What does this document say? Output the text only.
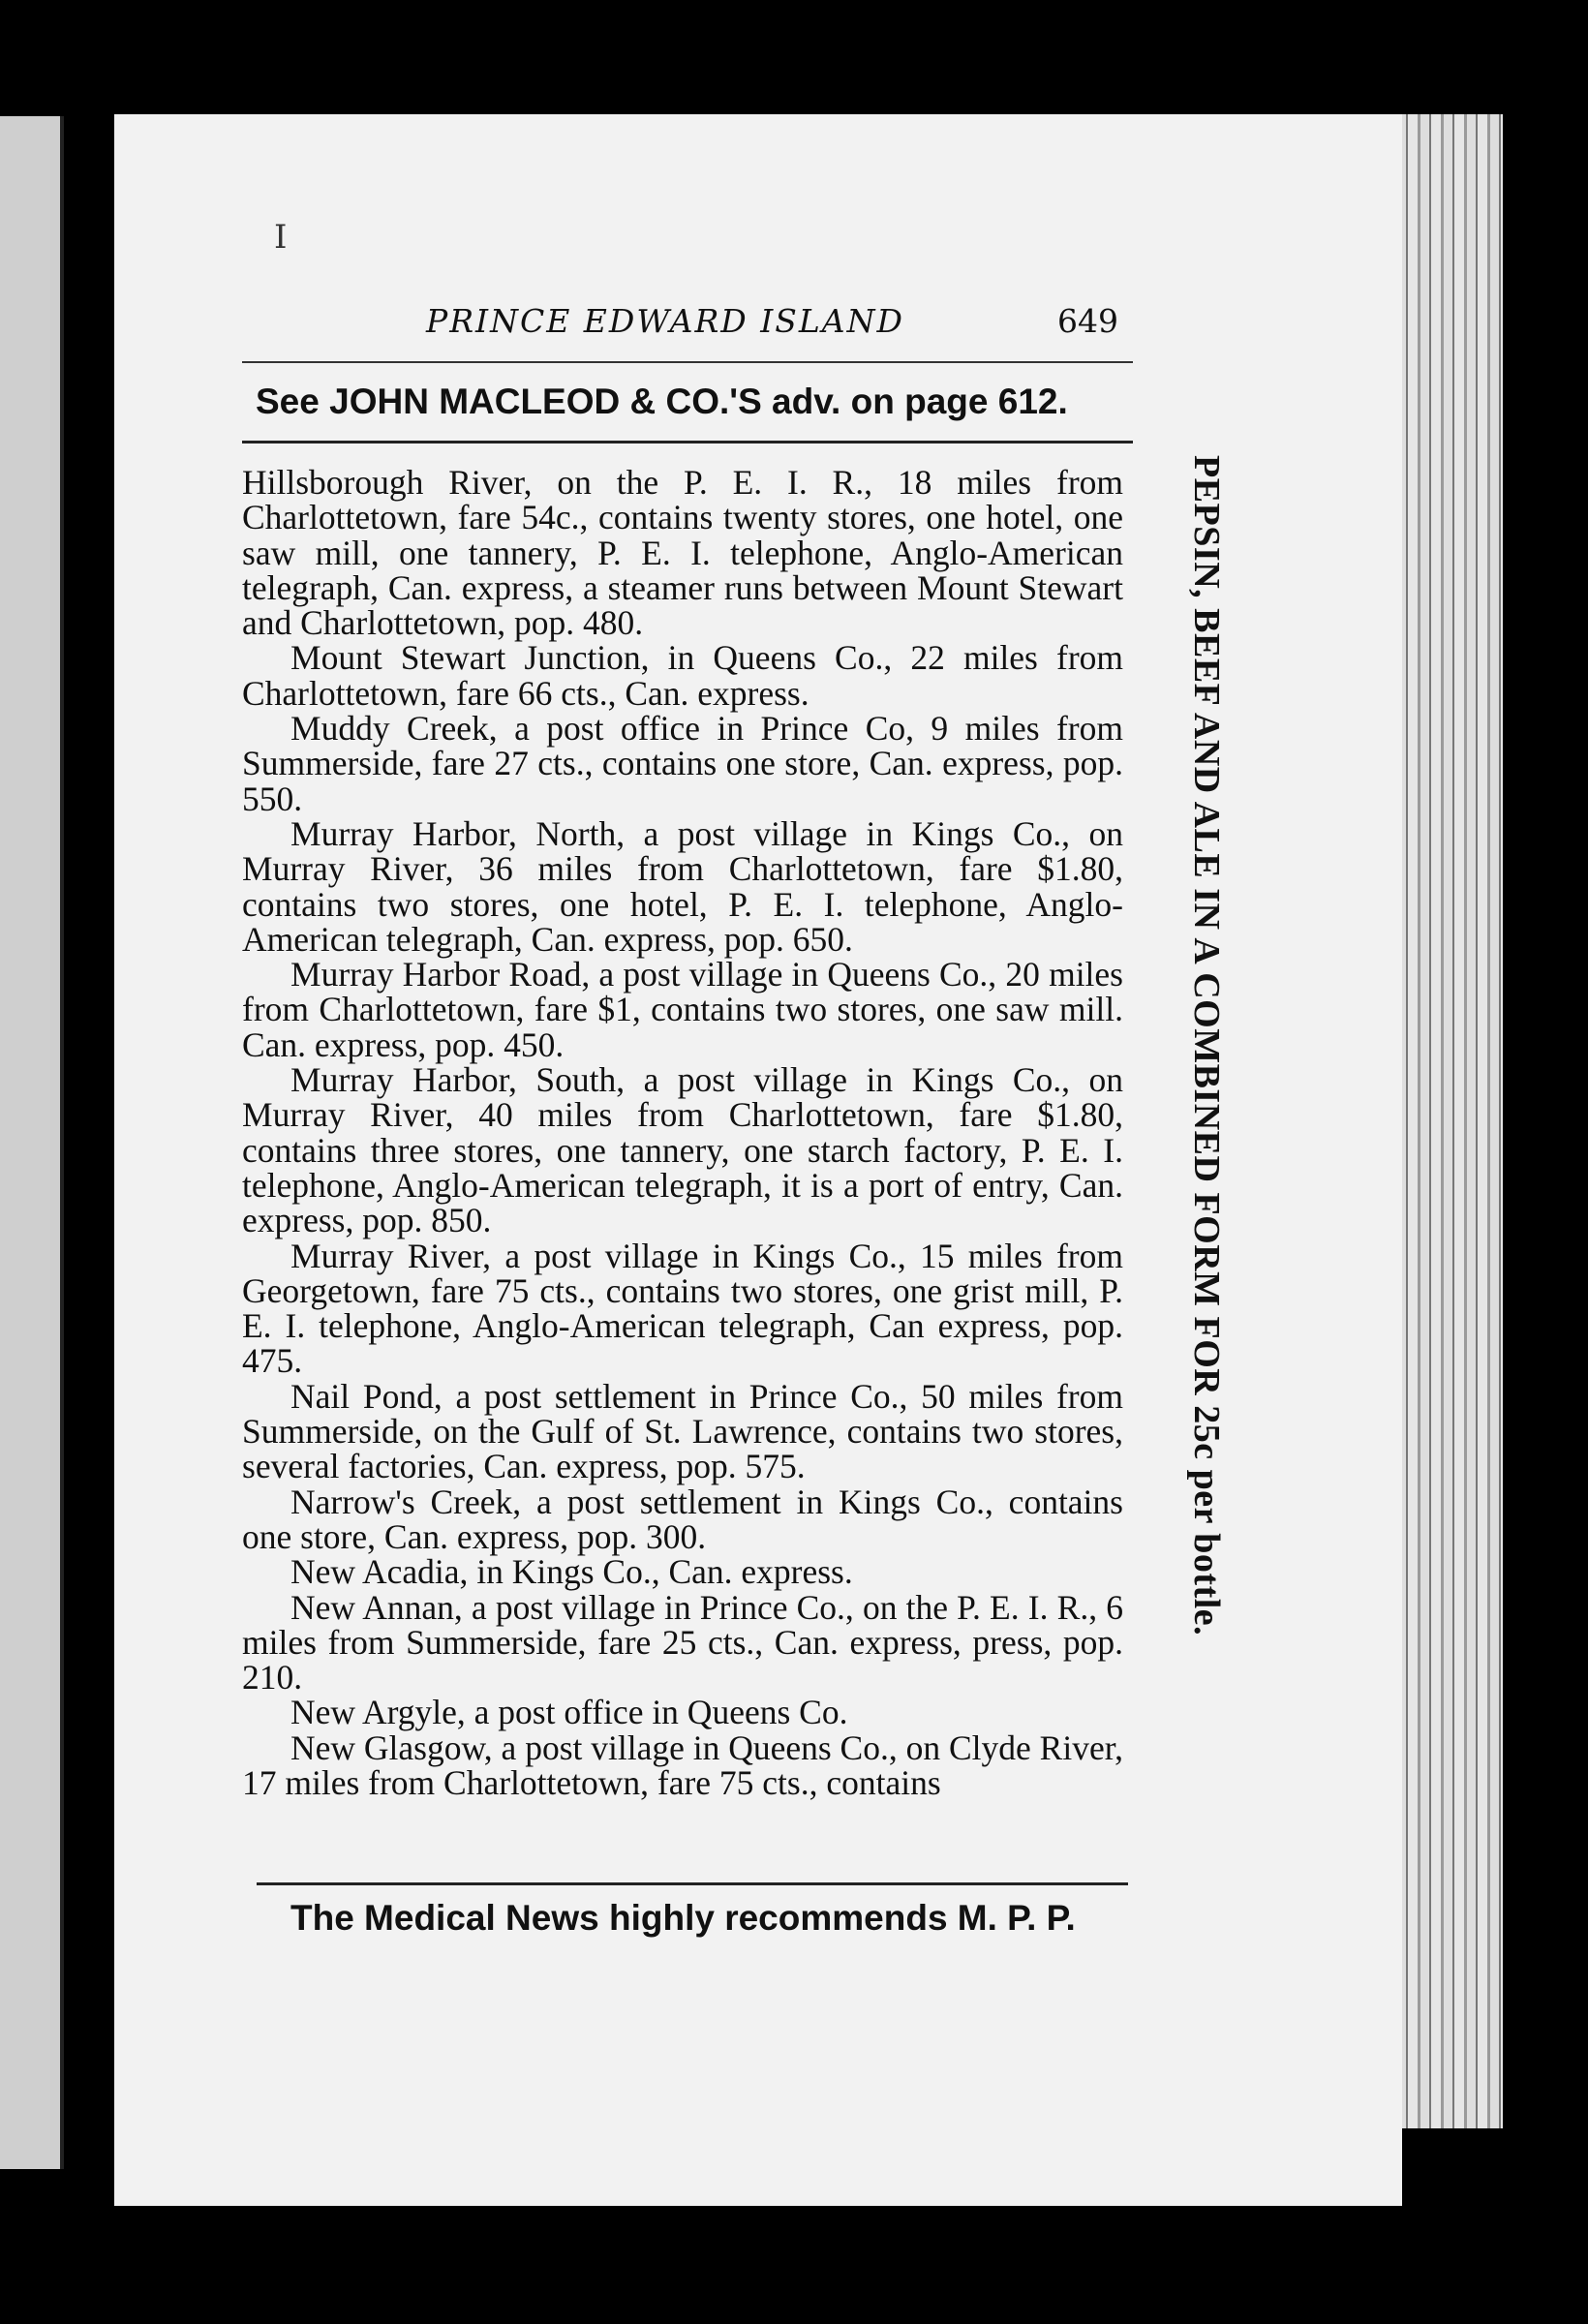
I
PRINCE EDWARD ISLAND	649
See JOHN MACLEOD & CO.'S adv. on page 612.

Hillsborough River, on the P. E. I. R., 18 miles from Charlottetown, fare 54c., contains twenty stores, one hotel, one saw mill, one tannery, P. E. I. telephone, Anglo-American telegraph, Can. express, a steamer runs between Mount Stewart and Charlottetown, pop. 480.

Mount Stewart Junction, in Queens Co., 22 miles from Charlottetown, fare 66 cts., Can. express.

Muddy Creek, a post office in Prince Co, 9 miles from Summerside, fare 27 cts., contains one store, Can. express, pop. 550.

Murray Harbor, North, a post village in Kings Co., on Murray River, 36 miles from Charlottetown, fare $1.80, contains two stores, one hotel, P. E. I. telephone, Anglo-American telegraph, Can. express, pop. 650.

Murray Harbor Road, a post village in Queens Co., 20 miles from Charlottetown, fare $1, contains two stores, one saw mill. Can. express, pop. 450.

Murray Harbor, South, a post village in Kings Co., on Murray River, 40 miles from Charlottetown, fare $1.80, contains three stores, one tannery, one starch factory, P. E. I. telephone, Anglo-American telegraph, it is a port of entry, Can. express, pop. 850.

Murray River, a post village in Kings Co., 15 miles from Georgetown, fare 75 cts., contains two stores, one grist mill, P. E. I. telephone, Anglo-American telegraph, Can express, pop. 475.

Nail Pond, a post settlement in Prince Co., 50 miles from Summerside, on the Gulf of St. Lawrence, contains two stores, several factories, Can. express, pop. 575.

Narrow's Creek, a post settlement in Kings Co., contains one store, Can. express, pop. 300.

New Acadia, in Kings Co., Can. express.

New Annan, a post village in Prince Co., on the P. E. I. R., 6 miles from Summerside, fare 25 cts., Can. express, press, pop. 210.

New Argyle, a post office in Queens Co.

New Glasgow, a post village in Queens Co., on Clyde River, 17 miles from Charlottetown, fare 75 cts., contains

PEPSIN, BEEF AND ALE IN A COMBINED FORM FOR 25c per bottle.
The Medical News highly recommends M. P. P.
